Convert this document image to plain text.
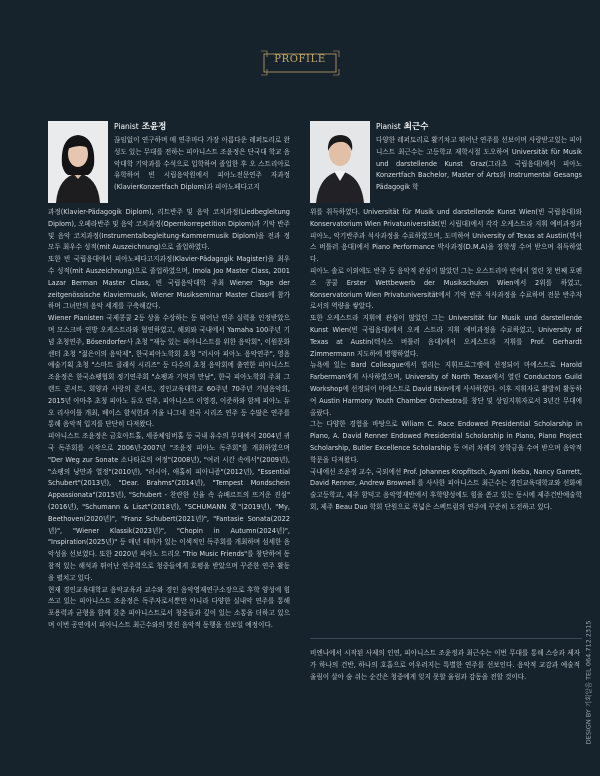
PROFILE
Pianist 조윤정

끊임없이 연구하며 매 연주마다 가장 아름다운 레퍼토리로 완성도 있는 무대를 전하는 피아니스트 조윤정은 단국대 학교 음악대학 기악과를 수석으로 입학하여 졸업한 후 오 스트리아로 유학하여 빈 시립음악원에서 피아노전문연주 자과정(KlavierKonzertfach Diplom)과 피아노페다고지

과정(Klavier-Pädagogik Diplom), 리트반주 및 음악 코치과정(Liedbegleitung Diplom), 오페라반주 및 음악 코치과정(Opernkorrepetition Diplom)과 기악 반주 및 음악 코치과정(Instrumentalbegleitung-Kammermusik Diplom)을 전과 정 모두 최우수 성적(mit Auszeichnung)으로 졸업하였다.

또한 빈 국립음대에서 피아노페다고지과정(Klavier-Pädagogik Magister)을 최우수 성적(mit Auszeichnung)으로 졸업하였으며, Imola Joo Master Class, 2001 Lazar Berman Master Class, 빈 국립음악대학 주최 Wiener Tage der zeitgenössische Klaviermusik, Wiener Musikseminar Master Class에 참가하며 그녀만의 음악 세계를 구축해갔다.

Wiener Pianisten 국제콩쿨 2등 상을 수상하는 등 뛰어난 연주 실력을 인정받았으며 모스크바 연방 오케스트라와 협연하였고, 해외와 국내에서 Yamaha 100주년 기념 초청연주, Bösendorfer사 초청 "재능 있는 피아니스트를 위한 음악회", 이원문화센터 초청 "젊은이의 음악제", 한국피아노학회 초청 "러시아 피아노 음악연주", 영음예술기획 초청 "스마트 클래식 시리즈" 등 다수의 초청 음악회에 출연한 피아니스트 조윤정은 한국쇼팽협회 정기연주회 "쇼팽과 기억의 만남", 한국 피아노학회 주최 그랜드 콘서트, 회양과 사랑의 콘서트, 경인교육대학교 60주년 70주년 기념음악회, 2015년 아마추 초청 피아노 듀오 연주, 피아니스트 이영경, 이준하와 함께 피아노 듀오 리사이틀 개최, 베이스 함석헌과 거울 나그네 전곡 시리즈 연주 등 수많은 연주를 통해 음악적 입지를 단단히 다져왔다.

피아니스트 조윤정은 금호아트홀, 세종체임버홀 등 국내 유수의 무대에서 2004년 귀국 독주회를 시작으로 2006년-2007년 "조윤정 피아노 독주회"를 개최하였으며 "Der Weg zur Sonate 소나타로의 여정"(2008년), "여러 시간 속에서"(2009년), "쇼팽의 낭만과 열정"(2010년), "러시아, 애홀히 피아니즘"(2012년), "Essential Schubert"(2013년), "Dear. Brahms"(2014년), "Tempest Mondschein Appassionata"(2015년), "Schubert - 찬란한 선율 속 슈베르트의 뜨거운 진심"(2016년), "Schumann & Liszt"(2018년), "SCHUMANN 愛"(2019년), "My, Beethoven(2020년)", "Franz Schubert(2021년)", "Fantasie Sonata(2022년)", "Wiener Klassik(2023년)", "Chopin in Autumn(2024년)", "Inspiration(2025년)" 등 매년 테마가 있는 이색적인 독주회를 개최하며 섬세한 음악성을 선보였다. 또한 2020년 피아노 트리오 "Trio Music Friends"를 창단하여 동참적 있는 해석과 뛰어난 연주력으로 청중들에게 호평을 받았으며 꾸준한 연주 활동을 펼치고 있다.

현재 경인교육대학교 음악교육과 교수와 경인 음악영재연구소장으로 후학 양성에 힘쓰고 있는 피아니스트 조윤정은 독주자로서뿐만 아니라 다양한 실내악 연주를 통해 포용력과 균형을 함께 갖춘 피아니스트로서 청중들과 깊이 있는 소통을 더하고 있으며 이번 공연에서 피아니스트 최근수와의 멋진 음악적 동행을 선보일 예정이다.

Pianist 최근수

다양한 레퍼토리로 활기차고 뛰어난 연주를 선보이며 사랑받고있는 피아니스트 최근수는 고등학교 재학시절 도오하여 Universität für Musik und darstellende Kunst Graz(그라츠 국립음대)에서 피아노 Konzertfach Bachelor, Master of Arts와 Instrumental Gesangs Pädagogik 학

위를 취득하였다. Universität für Musik und darstellende Kunst Wien(빈 국립음대)와 Konservatorium Wien Privatuniversität(빈 시립대)에서 각각 오케스트라 지휘 예비과정과 피아노, 악기반주과 석사과정을 수료하였으며, 도미하여 University of Texas at Austin(텍사스 버틀러 음대)에서 Piano Performance 박사과정(D.M.A)을 장학생 수여 받으며 취득하였다.

피아노 솔로 이외에도 반주 등 음악적 관심이 많았던 그는 오스트리아 빈에서 열린 첫 번째 포펜즈 콩쿨 Erster Wettbewerb der Musikschulen Wien에서 2위를 하였고, Konservatorium Wien Privatuniversität에서 기악 반주 석사과정을 수료하며 전문 반주자로서의 역량을 쌓았다.

또한 오케스트라 지휘에 관심이 많았던 그는 Universität fur Musik und darstellende Kunst Wien(빈 국립음대)에서 오케 스트라 지휘 예비과정을 수료하였고, University of Texas at Austin(텍사스 버틀러 음대)에서 오케스트라 지휘를 Prof. Gerhardt Zimmermann 지도하에 병행하였다.

뉴욕에 있는 Bard Colleague에서 열리는 지휘프로그램에 선정되어 마에스트로 Harold Farberman에게 사사하였으며, University of North Texas에서 열린 Conductors Guild Workshop에 선정되어 마에스트로 David Itkin에게 사사하였다. 이후 지휘자로 활발히 활동하여 Austin Harmony Youth Chamber Orchestra를 창단 및 상임지휘자로서 3년간 무대에 올랐다.

그는 다양한 경험을 바탕으로 Wiliam C. Race Endowed Presidential Scholarship in Piano, A. David Renner Endowed Presidential Scholarship in Piano, Piano Project Scholarship, Butler Excellence Scholarship 등 여러 차례의 장학금을 수여 받으며 음악적 학문을 다져왔다.

국내에선 조윤정 교수, 국외에선 Prof. Johannes Kropfitsch, Ayami Ikeba, Nancy Garrett, David Renner, Andrew Brownell 를 사사한 피아니스트 최근수는 경인교육대학교와 선화예술고등학교, 제주 함덕고 음악영재반에서 후학양성에도 힘을 쏟고 있는 동시에 제주건반예술학회, 제주 Beau Duo 학회 단원으로 폭넓은 스펙트럼의 연주에 꾸준히 도전하고 있다.

비엔나에서 시작된 사제의 인연, 피아니스트 조윤정과 최근수는 이번 무대를 통해 스승과 제자가 하나의 건반, 하나의 호흡으로 어우러지는 특별한 연주를 선보인다. 음악적 교감과 예술적 울림이 살아 숨 쉬는 순간은 청중에게 잊지 못할 울림과 감동을 전할 것이다.	DESIGN BY 기획알음 TEL 064.712.2315
